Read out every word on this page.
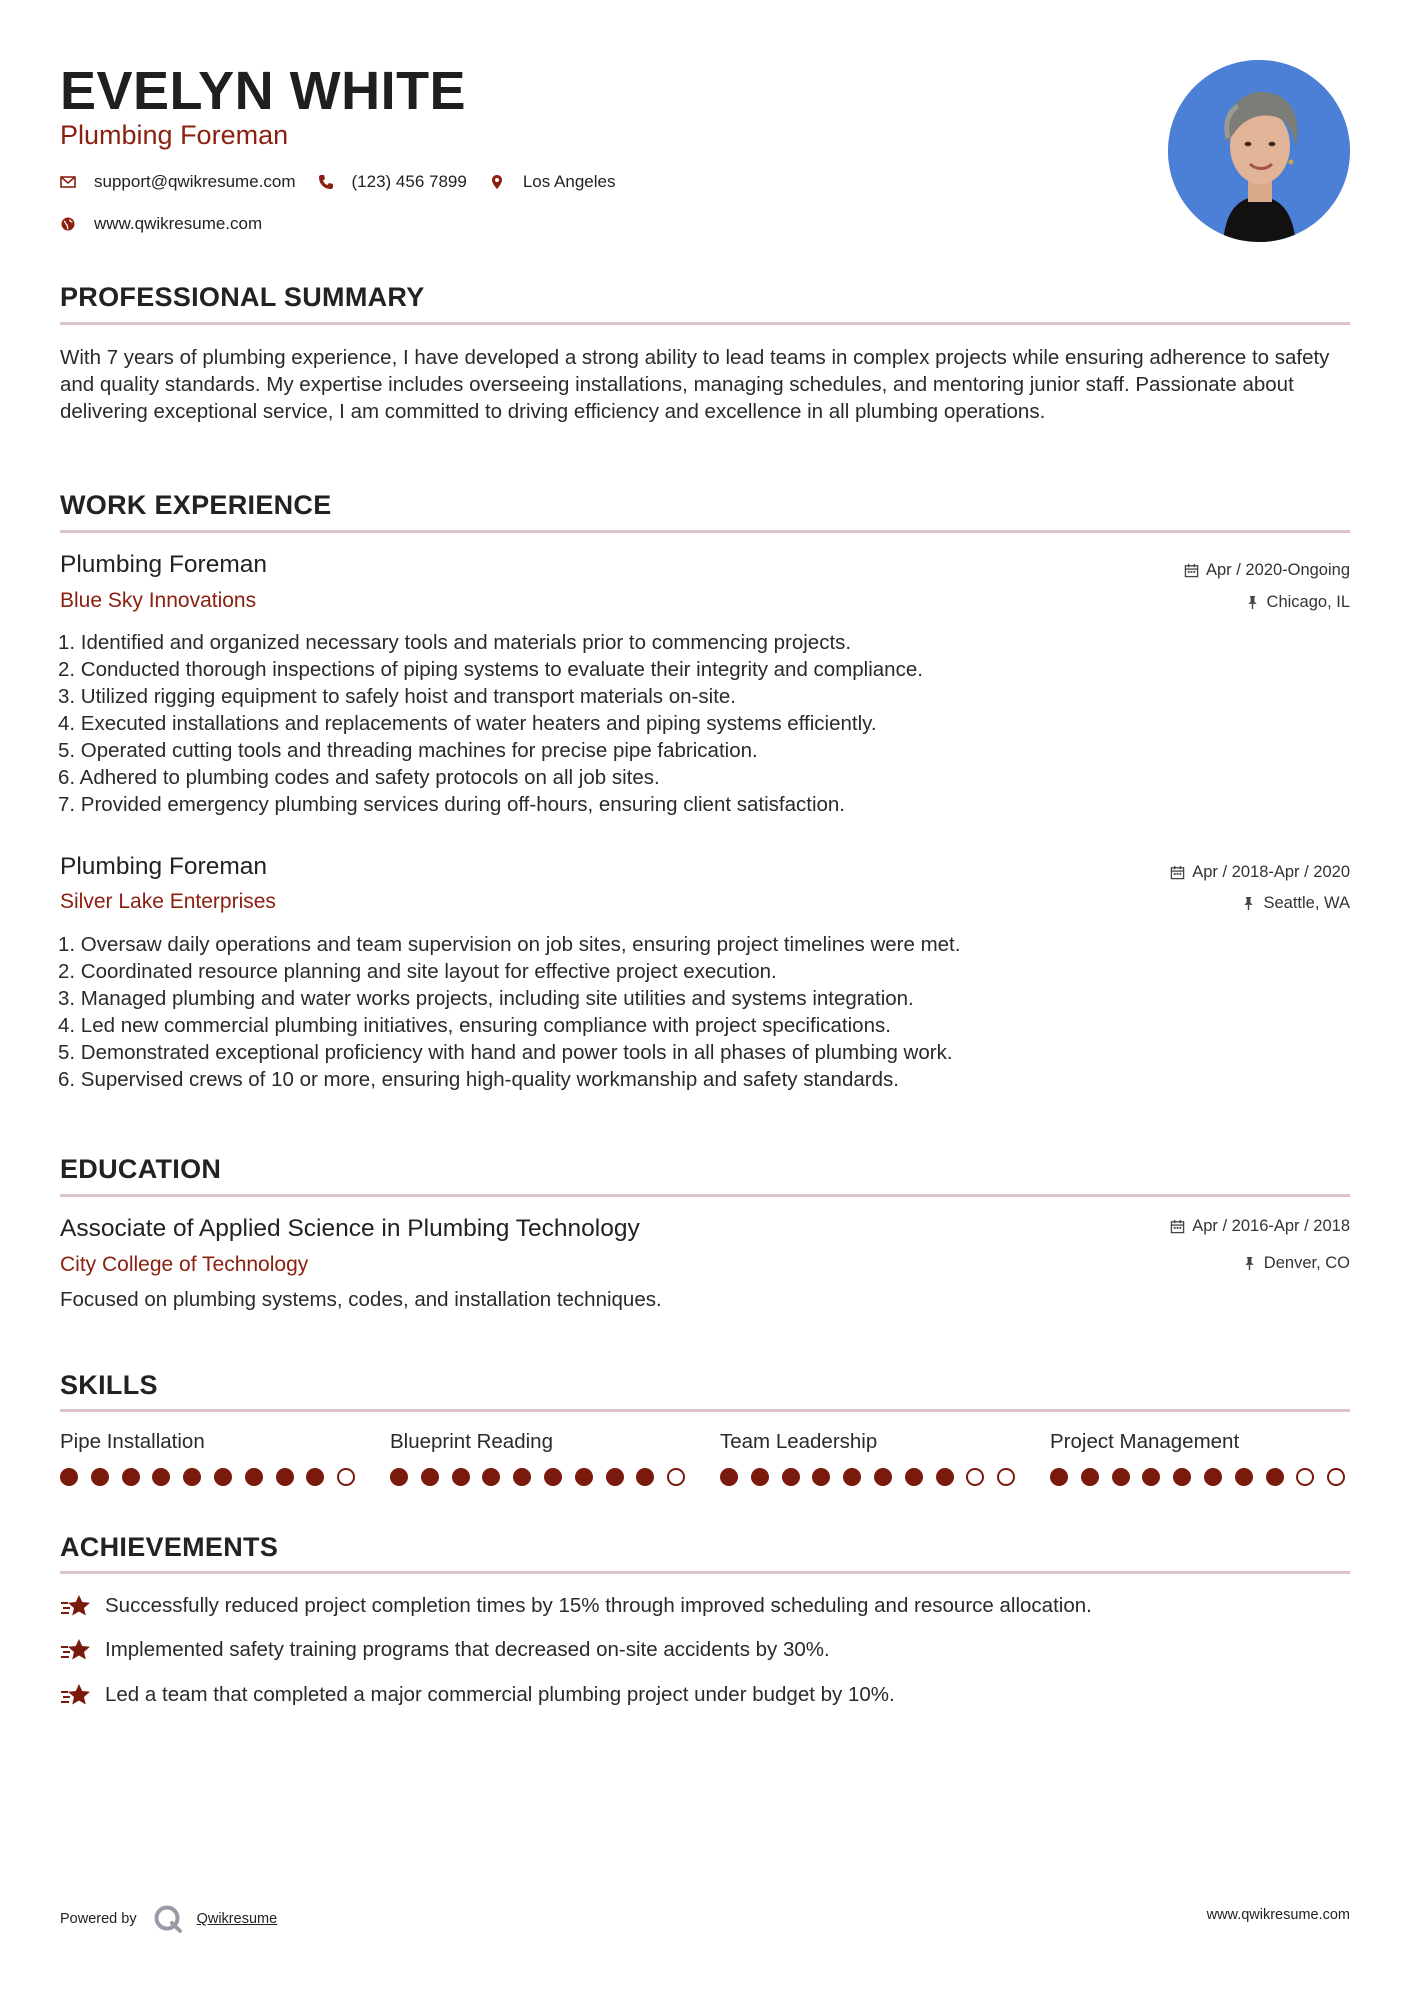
EVELYN WHITE
Plumbing Foreman
support@qwikresume.com	(123) 456 7899	Los Angeles
www.qwikresume.com
PROFESSIONAL SUMMARY
With 7 years of plumbing experience, I have developed a strong ability to lead teams in complex projects while ensuring adherence to safety and quality standards. My expertise includes overseeing installations, managing schedules, and mentoring junior staff. Passionate about delivering exceptional service, I am committed to driving efficiency and excellence in all plumbing operations.
WORK EXPERIENCE
Plumbing Foreman
Blue Sky Innovations
Apr / 2020-Ongoing
Chicago, IL
1. Identified and organized necessary tools and materials prior to commencing projects.
2. Conducted thorough inspections of piping systems to evaluate their integrity and compliance.
3. Utilized rigging equipment to safely hoist and transport materials on-site.
4. Executed installations and replacements of water heaters and piping systems efficiently.
5. Operated cutting tools and threading machines for precise pipe fabrication.
6. Adhered to plumbing codes and safety protocols on all job sites.
7. Provided emergency plumbing services during off-hours, ensuring client satisfaction.
Plumbing Foreman
Silver Lake Enterprises
Apr / 2018-Apr / 2020
Seattle, WA
1. Oversaw daily operations and team supervision on job sites, ensuring project timelines were met.
2. Coordinated resource planning and site layout for effective project execution.
3. Managed plumbing and water works projects, including site utilities and systems integration.
4. Led new commercial plumbing initiatives, ensuring compliance with project specifications.
5. Demonstrated exceptional proficiency with hand and power tools in all phases of plumbing work.
6. Supervised crews of 10 or more, ensuring high-quality workmanship and safety standards.
EDUCATION
Associate of Applied Science in Plumbing Technology
City College of Technology
Apr / 2016-Apr / 2018
Denver, CO
Focused on plumbing systems, codes, and installation techniques.
SKILLS
Pipe Installation	Blueprint Reading	Team Leadership	Project Management
ACHIEVEMENTS
Successfully reduced project completion times by 15% through improved scheduling and resource allocation.
Implemented safety training programs that decreased on-site accidents by 30%.
Led a team that completed a major commercial plumbing project under budget by 10%.
Powered by	Qwikresume	www.qwikresume.com
